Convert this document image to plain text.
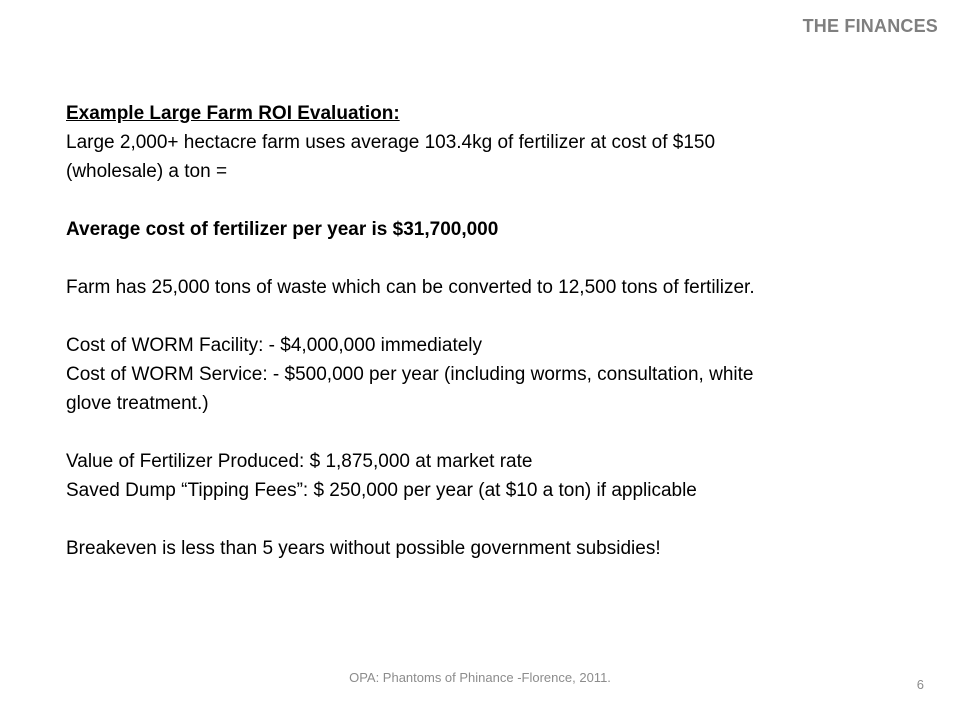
THE FINANCES
Example Large Farm ROI Evaluation:
Large 2,000+ hectacre farm uses average 103.4kg of fertilizer at cost of $150
(wholesale) a ton =
Average cost of fertilizer per year is $31,700,000
Farm has 25,000 tons of waste which can be converted to 12,500 tons of fertilizer.
Cost of WORM Facility: - $4,000,000 immediately
Cost of WORM Service: - $500,000 per year (including worms, consultation, white
glove treatment.)
Value of Fertilizer Produced: $ 1,875,000 at market rate
Saved Dump “Tipping Fees”: $ 250,000 per year (at $10 a ton) if applicable
Breakeven is less than 5 years without possible government subsidies!
OPA: Phantoms of Phinance -Florence, 2011.	6
